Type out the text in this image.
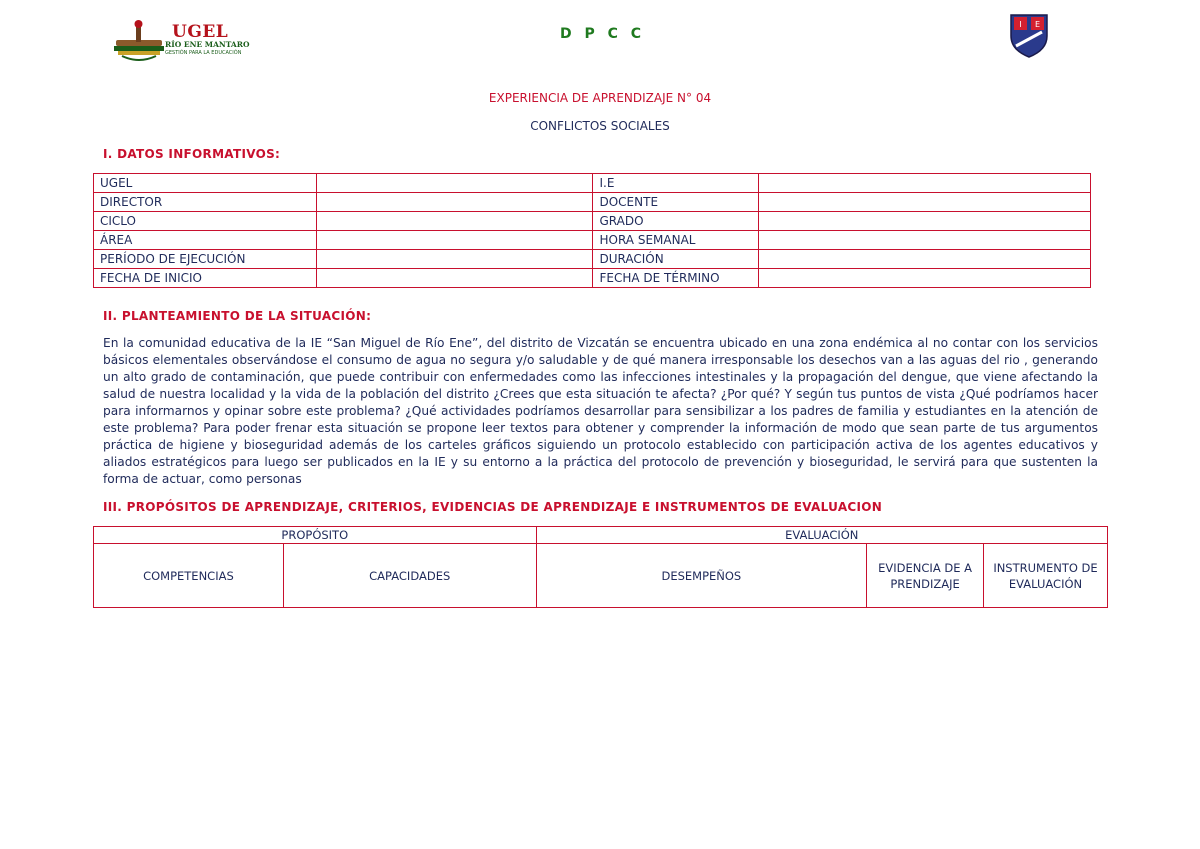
UGEL
RÍO ENE MANTARO
GESTIÓN PARA LA EDUCACIÓN
D P C C
I E
EXPERIENCIA DE APRENDIZAJE N° 04
CONFLICTOS SOCIALES
I. DATOS INFORMATIVOS:
UGEL		I.E	
DIRECTOR		DOCENTE	
CICLO		GRADO	
ÁREA		HORA SEMANAL	
PERÍODO DE EJECUCIÓN		DURACIÓN	
FECHA DE INICIO		FECHA DE TÉRMINO	
II. PLANTEAMIENTO DE LA SITUACIÓN:
En la comunidad educativa de la IE “San Miguel de Río Ene”, del distrito de Vizcatán se encuentra ubicado en una zona endémica al no contar con los servicios básicos elementales observándose el consumo de agua no segura y/o saludable y de qué manera irresponsable los desechos van a las aguas del rio , generando un alto grado de contaminación, que puede contribuir con enfermedades como las infecciones intestinales y la propagación del dengue, que viene afectando la salud de nuestra localidad y la vida de la población del distrito ¿Crees que esta situación te afecta? ¿Por qué? Y según tus puntos de vista ¿Qué podríamos hacer para informarnos y opinar sobre este problema? ¿Qué actividades podríamos desarrollar para sensibilizar a los padres de familia y estudiantes en la atención de este problema? Para poder frenar esta situación se propone leer textos para obtener y comprender la información de modo que sean parte de tus argumentos práctica de higiene y bioseguridad además de los carteles gráficos siguiendo un protocolo establecido con participación activa de los agentes educativos y aliados estratégicos para luego ser publicados en la IE y su entorno a la práctica del protocolo de prevención y bioseguridad, le servirá para que sustenten la forma de actuar, como personas
III. PROPÓSITOS DE APRENDIZAJE, CRITERIOS, EVIDENCIAS DE APRENDIZAJE E INSTRUMENTOS DE EVALUACION
PROPÓSITO		EVALUACIÓN		
COMPETENCIAS	CAPACIDADES	DESEMPEÑOS	EVIDENCIA DE APRENDIZAJE	INSTRUMENTO DE EVALUACIÓN
